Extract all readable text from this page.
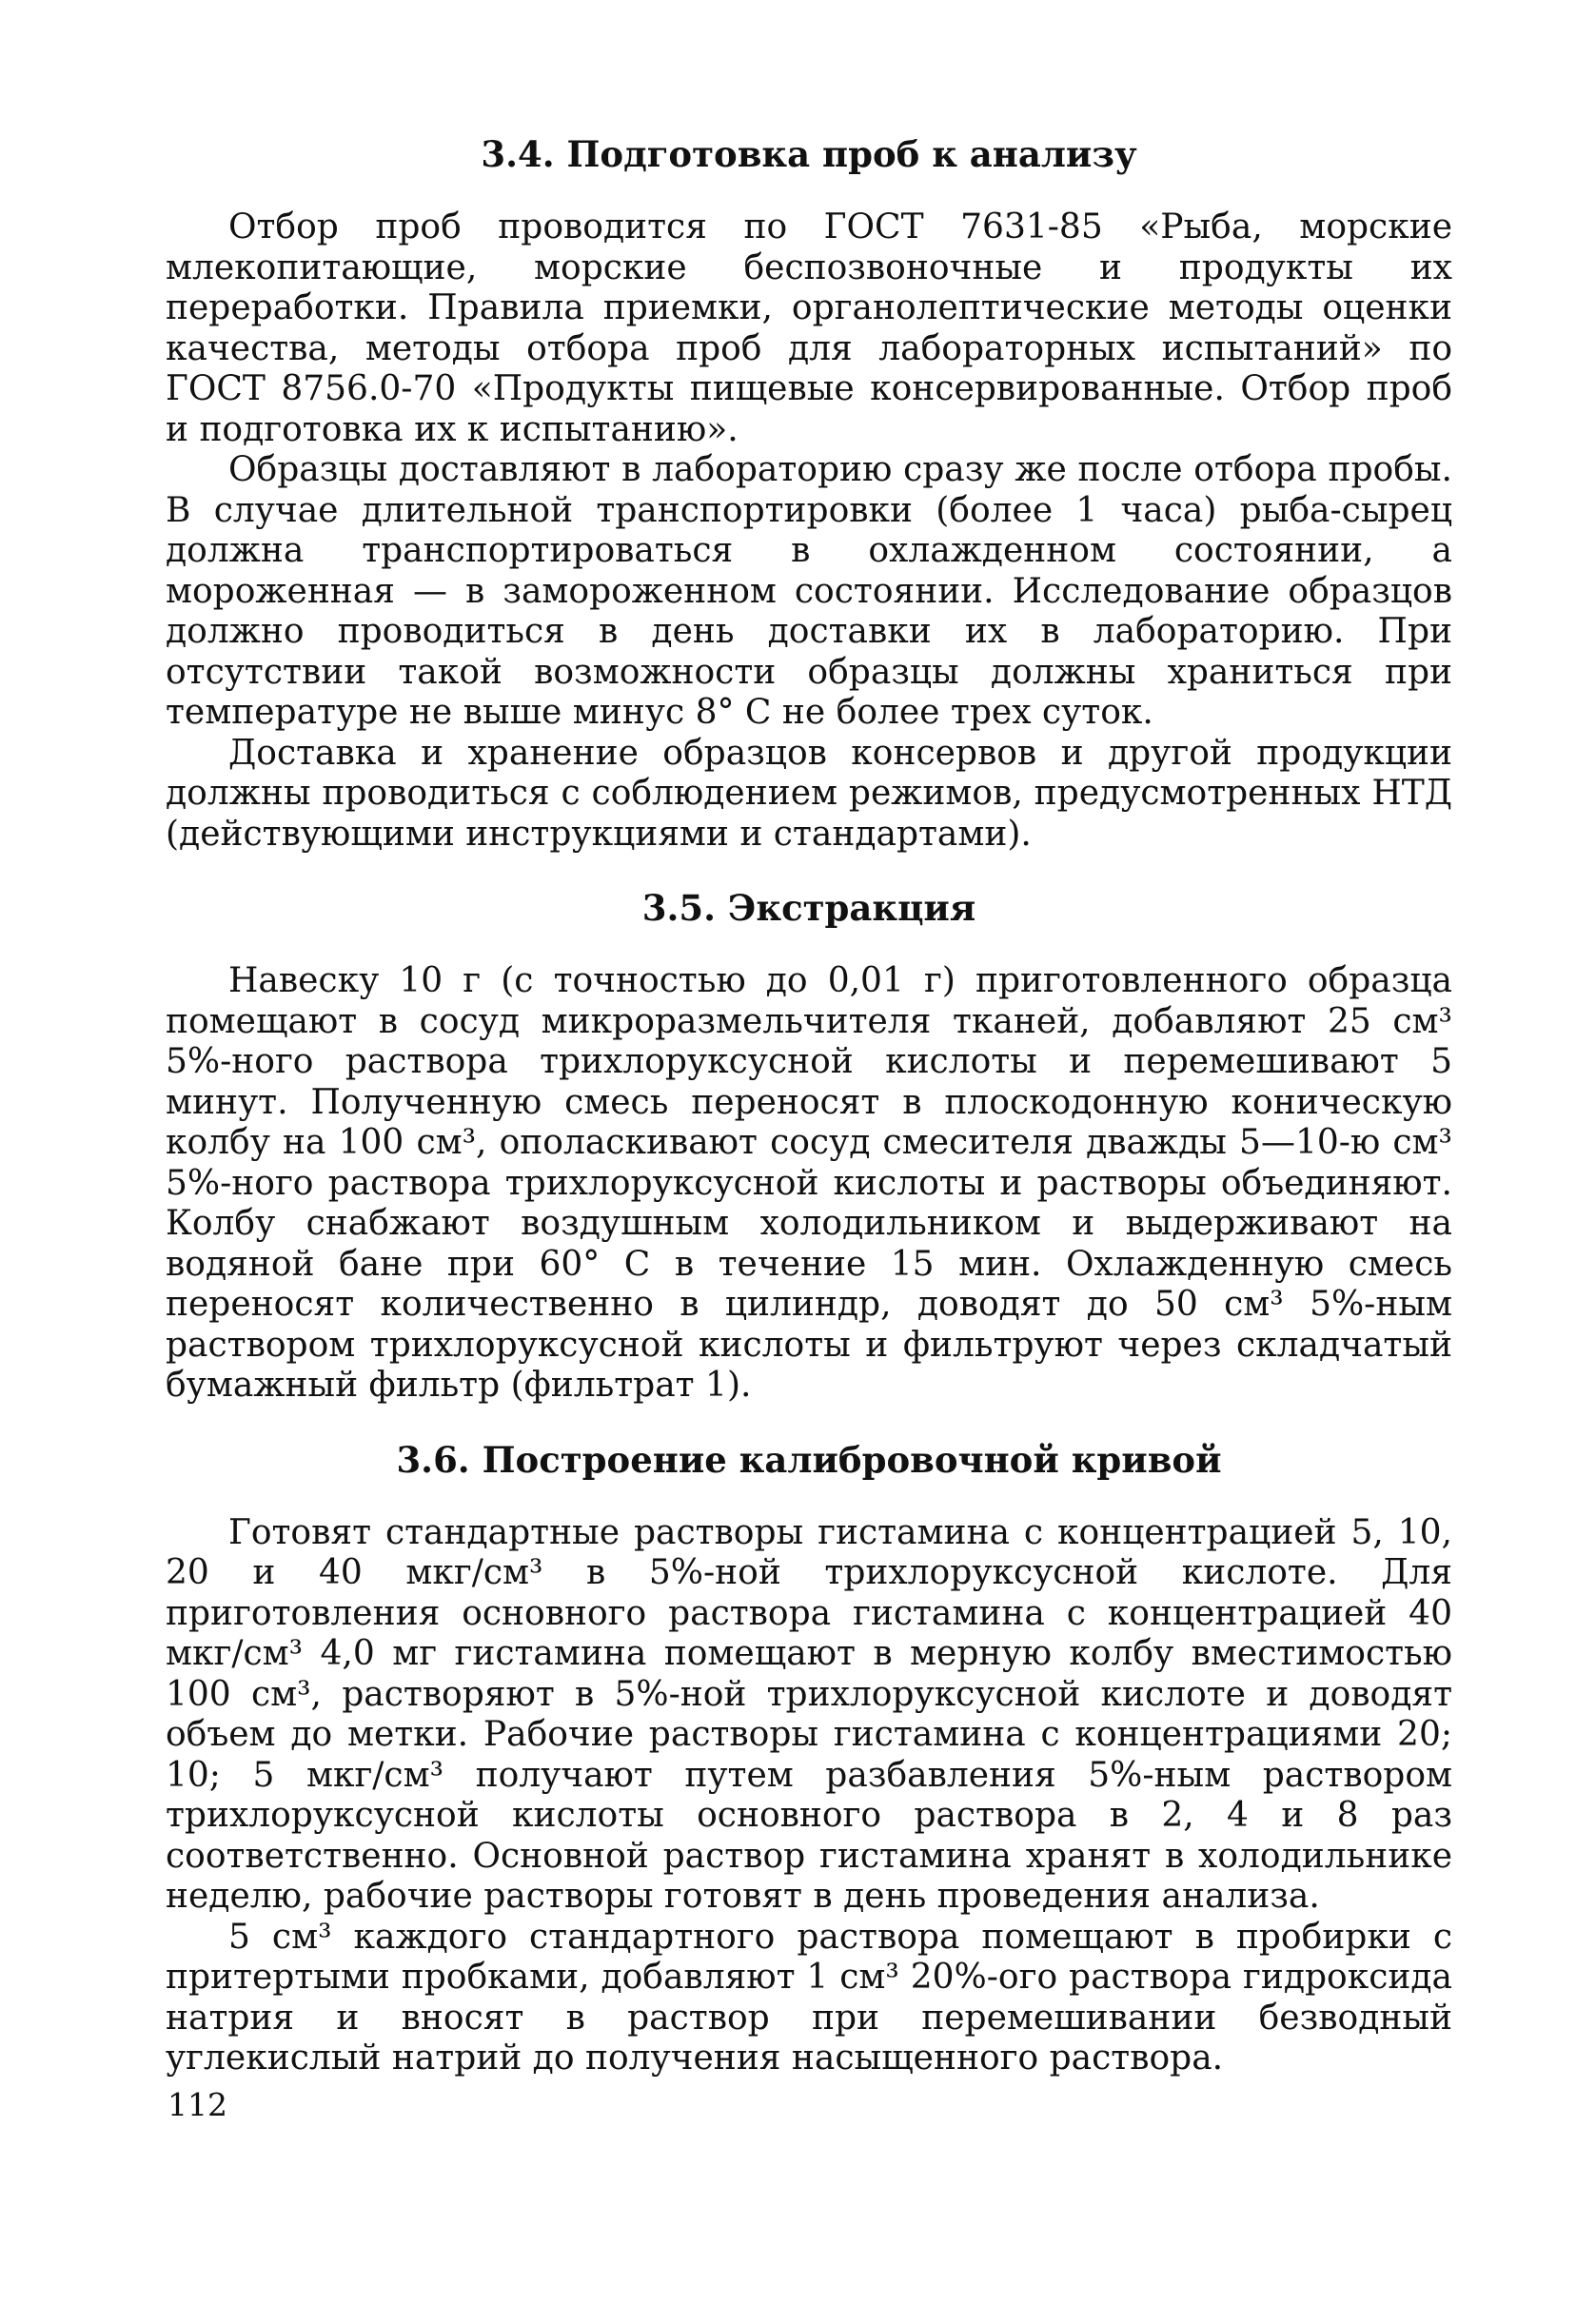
3.4. Подготовка проб к анализу

Отбор проб проводится по ГОСТ 7631-85 «Рыба, морские млекопитающие, морские беспозвоночные и продукты их переработки. Правила приемки, органолептические методы оценки качества, методы отбора проб для лабораторных испытаний» по ГОСТ 8756.0-70 «Продукты пищевые консервированные. Отбор проб и подготовка их к испытанию».

Образцы доставляют в лабораторию сразу же после отбора пробы. В случае длительной транспортировки (более 1 часа) рыба-сырец должна транспортироваться в охлажденном состоянии, а мороженная — в замороженном состоянии. Исследование образцов должно проводиться в день доставки их в лабораторию. При отсутствии такой возможности образцы должны храниться при температуре не выше минус 8° С не более трех суток.

Доставка и хранение образцов консервов и другой продукции должны проводиться с соблюдением режимов, предусмотренных НТД (действующими инструкциями и стандартами).

3.5. Экстракция

Навеску 10 г (с точностью до 0,01 г) приготовленного образца помещают в сосуд микроразмельчителя тканей, добавляют 25 см³ 5%-ного раствора трихлоруксусной кислоты и перемешивают 5 минут. Полученную смесь переносят в плоскодонную коническую колбу на 100 см³, ополаскивают сосуд смесителя дважды 5—10-ю см³ 5%-ного раствора трихлоруксусной кислоты и растворы объединяют. Колбу снабжают воздушным холодильником и выдерживают на водяной бане при 60° С в течение 15 мин. Охлажденную смесь переносят количественно в цилиндр, доводят до 50 см³ 5%-ным раствором трихлоруксусной кислоты и фильтруют через складчатый бумажный фильтр (фильтрат 1).

3.6. Построение калибровочной кривой

Готовят стандартные растворы гистамина с концентрацией 5, 10, 20 и 40 мкг/см³ в 5%-ной трихлоруксусной кислоте. Для приготовления основного раствора гистамина с концентрацией 40 мкг/см³ 4,0 мг гистамина помещают в мерную колбу вместимостью 100 см³, растворяют в 5%-ной трихлоруксусной кислоте и доводят объем до метки. Рабочие растворы гистамина с концентрациями 20; 10; 5 мкг/см³ получают путем разбавления 5%-ным раствором трихлоруксусной кислоты основного раствора в 2, 4 и 8 раз соответственно. Основной раствор гистамина хранят в холодильнике неделю, рабочие растворы готовят в день проведения анализа.

5 см³ каждого стандартного раствора помещают в пробирки с притертыми пробками, добавляют 1 см³ 20%-ого раствора гидроксида натрия и вносят в раствор при перемешивании безводный углекислый натрий до получения насыщенного раствора.

112
